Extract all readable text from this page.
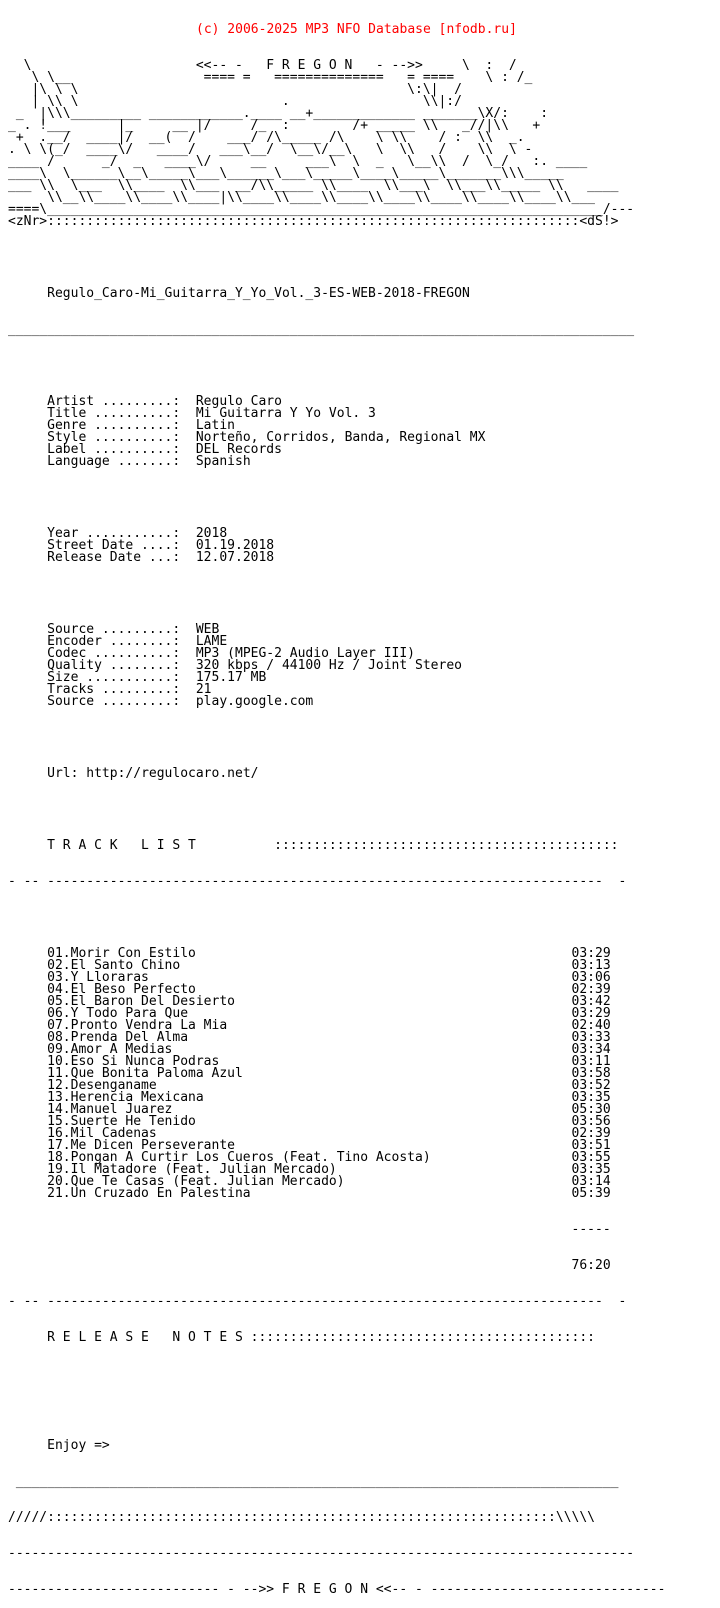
(c) 2006-2025 MP3 NFO Database [nfodb.ru]

\                     <<-- -   F R E G O N   - -->>     \  :  /
\ \__                 ==== =   ==============   = ====    \ : /_
|\ \ \                                          \:\|  /
| \\ \                          .                 \\|:/
_  |\\\_________ ____________.____ __+_____________ _______\X/:    :
_ . !___      |_     __ |/     /_  :        /+ _____ \\   _//|\\   +
+  .__/  ____|/  __(  /    ___/ /\_____ /\    \ \\    / :  \\  _.
. \ \(_/  ____\/   ____/   ___\__/  \__\/__\   \  \\   /    \\  \ -
____ /      _/  _   ____\/     __     ___\  \  _   \__\\  /  \_/   :. ____
____\  \______\__\_____\___\______\___\_____\____\_____\_______\\\_____
___ \\  \___  \\____  \\___  __/\\_____ \\____  \\___\  \\___\\_____ \\   ____
\\__\\____\\____\\____|\\____\\____\\____\\____\\____\\____\\____\\___
====\_______________________________________________________________________/---
<zNr>::::::::::::::::::::::::::::::::::::::::::::::::::::::::::::::::::::<dS!>

Regulo_Caro-Mi_Guitarra_Y_Yo_Vol._3-ES-WEB-2018-FREGON

________________________________________________________________________________

Artist .........: Regulo Caro
Title ..........: Mi Guitarra Y Yo Vol. 3
Genre ..........: Latin
Style ..........: Norteño, Corridos, Banda, Regional MX
Label ..........: DEL Records
Language .......: Spanish

Year ...........: 2018
Street Date ....: 01.19.2018
Release Date ...: 12.07.2018

Source .........: WEB
Encoder ........: LAME
Codec ..........: MP3 (MPEG-2 Audio Layer III)
Quality ........: 320 kbps / 44100 Hz / Joint Stereo
Size ...........: 175.17 MB
Tracks .........: 21
Source .........: play.google.com

Url: http://regulocaro.net/

T R A C K   L I S T	::::::::::::::::::::::::::::::::::::::::::::

- -- -----------------------------------------------------------------------  -

01.Morir Con Estilo	03:29
02.El Santo Chino	03:13
03.Y Lloraras	03:06
04.El Beso Perfecto	02:39
05.El Baron Del Desierto	03:42
06.Y Todo Para Que	03:29
07.Pronto Vendra La Mia	02:40
08.Prenda Del Alma	03:33
09.Amor A Medias	03:34
10.Eso Si Nunca Podras	03:11
11.Que Bonita Paloma Azul	03:58
12.Desenganame	03:52
13.Herencia Mexicana	03:35
14.Manuel Juarez	05:30
15.Suerte He Tenido	03:56
16.Mil Cadenas	02:39
17.Me Dicen Perseverante	03:51
18.Pongan A Curtir Los Cueros (Feat. Tino Acosta)	03:55
19.Il Matadore (Feat. Julian Mercado)	03:35
20.Que Te Casas (Feat. Julian Mercado)	03:14
21.Un Cruzado En Palestina	05:39

-----

76:20

- -- -----------------------------------------------------------------------  -

R E L E A S E   N O T E S ::::::::::::::::::::::::::::::::::::::::::::

Enjoy =>

_____________________________________________________________________________

/////:::::::::::::::::::::::::::::::::::::::::::::::::::::::::::::::::\\\\\

--------------------------------------------------------------------------------

--------------------------- - -->> F R E G O N <<-- - ------------------------------
